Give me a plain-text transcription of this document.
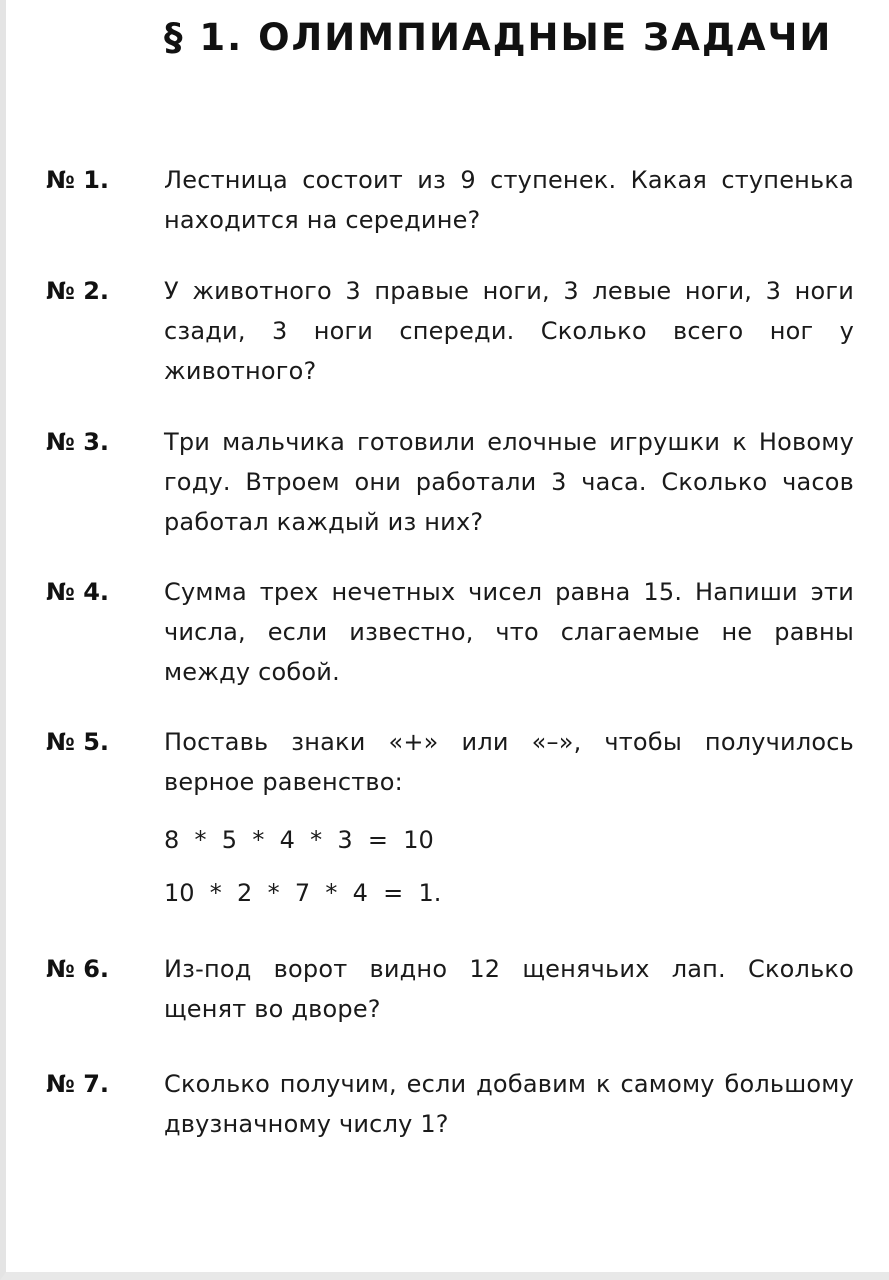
§ 1. ОЛИМПИАДНЫЕ ЗАДАЧИ
№ 1. Лестница состоит из 9 ступенек. Какая ступенька находится на середине?

№ 2. У животного 3 правые ноги, 3 левые ноги, 3 ноги сзади, 3 ноги спереди. Сколько всего ног у животного?

№ 3. Три мальчика готовили елочные игрушки к Новому году. Втроем они работали 3 часа. Сколько часов работал каждый из них?

№ 4. Сумма трех нечетных чисел равна 15. Напиши эти числа, если известно, что слагаемые не равны между собой.

№ 5. Поставь знаки «+» или «–», чтобы получилось верное равенство:

8  *  5  *  4  *  3  =  10
10  *  2  *  7  *  4  =  1.
№ 6. Из-под ворот видно 12 щенячьих лап. Сколько щенят во дворе?

№ 7. Сколько получим, если добавим к самому большому двузначному числу 1?
